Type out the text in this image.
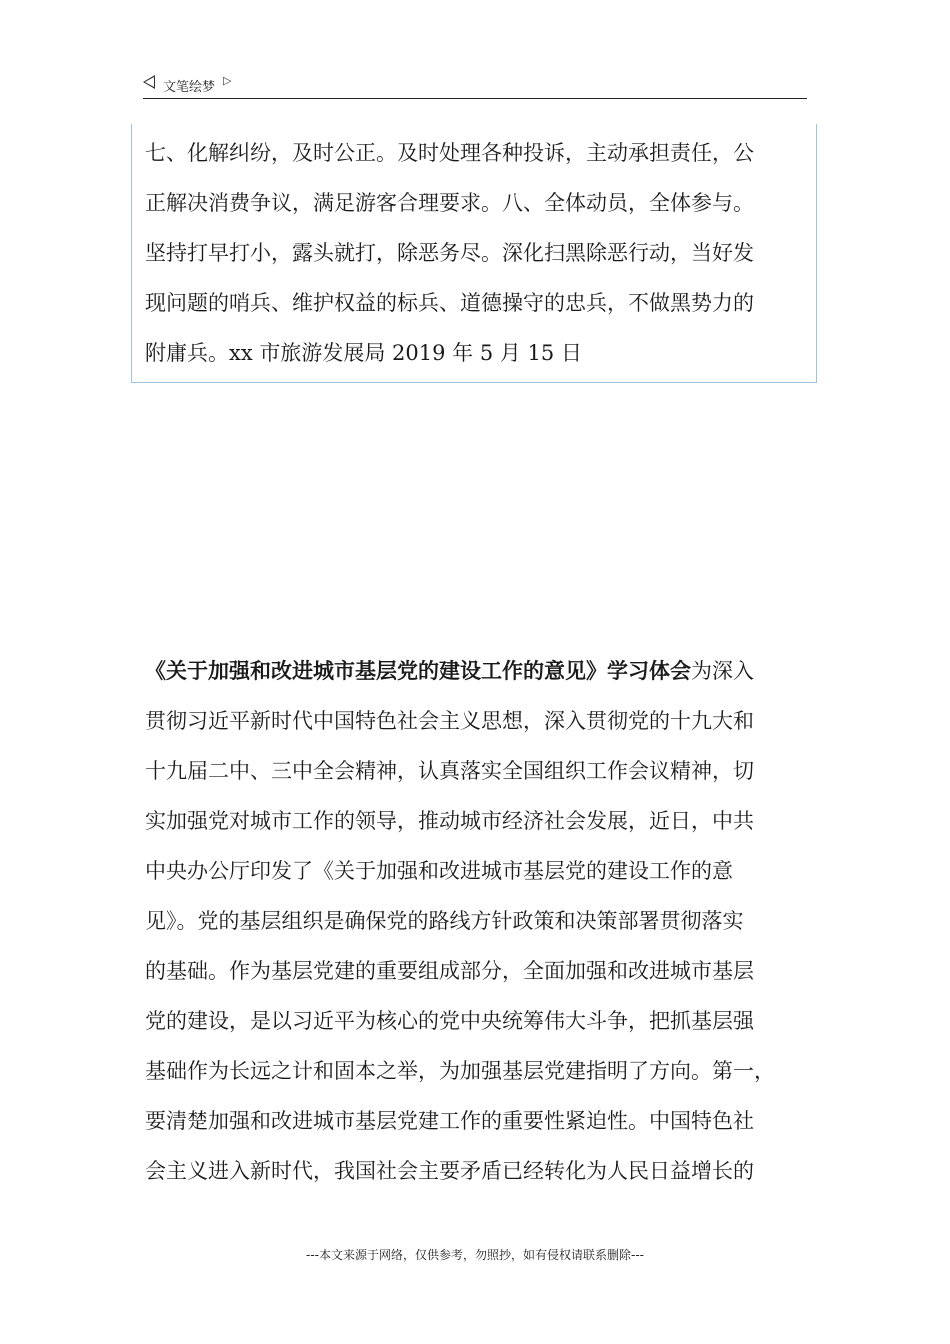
文笔绘梦 ▷
七、化解纠纷，及时公正。及时处理各种投诉，主动承担责任，公
正解决消费争议，满足游客合理要求。八、全体动员，全体参与。
坚持打早打小，露头就打，除恶务尽。深化扫黑除恶行动，当好发
现问题的哨兵、维护权益的标兵、道德操守的忠兵，不做黑势力的
附庸兵。xx 市旅游发展局 2019 年 5 月 15 日
《关于加强和改进城市基层党的建设工作的意见》学习体会为深入
贯彻习近平新时代中国特色社会主义思想，深入贯彻党的十九大和
十九届二中、三中全会精神，认真落实全国组织工作会议精神，切
实加强党对城市工作的领导，推动城市经济社会发展，近日，中共
中央办公厅印发了《关于加强和改进城市基层党的建设工作的意
见》。党的基层组织是确保党的路线方针政策和决策部署贯彻落实
的基础。作为基层党建的重要组成部分，全面加强和改进城市基层
党的建设，是以习近平为核心的党中央统筹伟大斗争，把抓基层强
基础作为长远之计和固本之举，为加强基层党建指明了方向。第一，
要清楚加强和改进城市基层党建工作的重要性紧迫性。中国特色社
会主义进入新时代，我国社会主要矛盾已经转化为人民日益增长的
---本文来源于网络，仅供参考，勿照抄，如有侵权请联系删除---
